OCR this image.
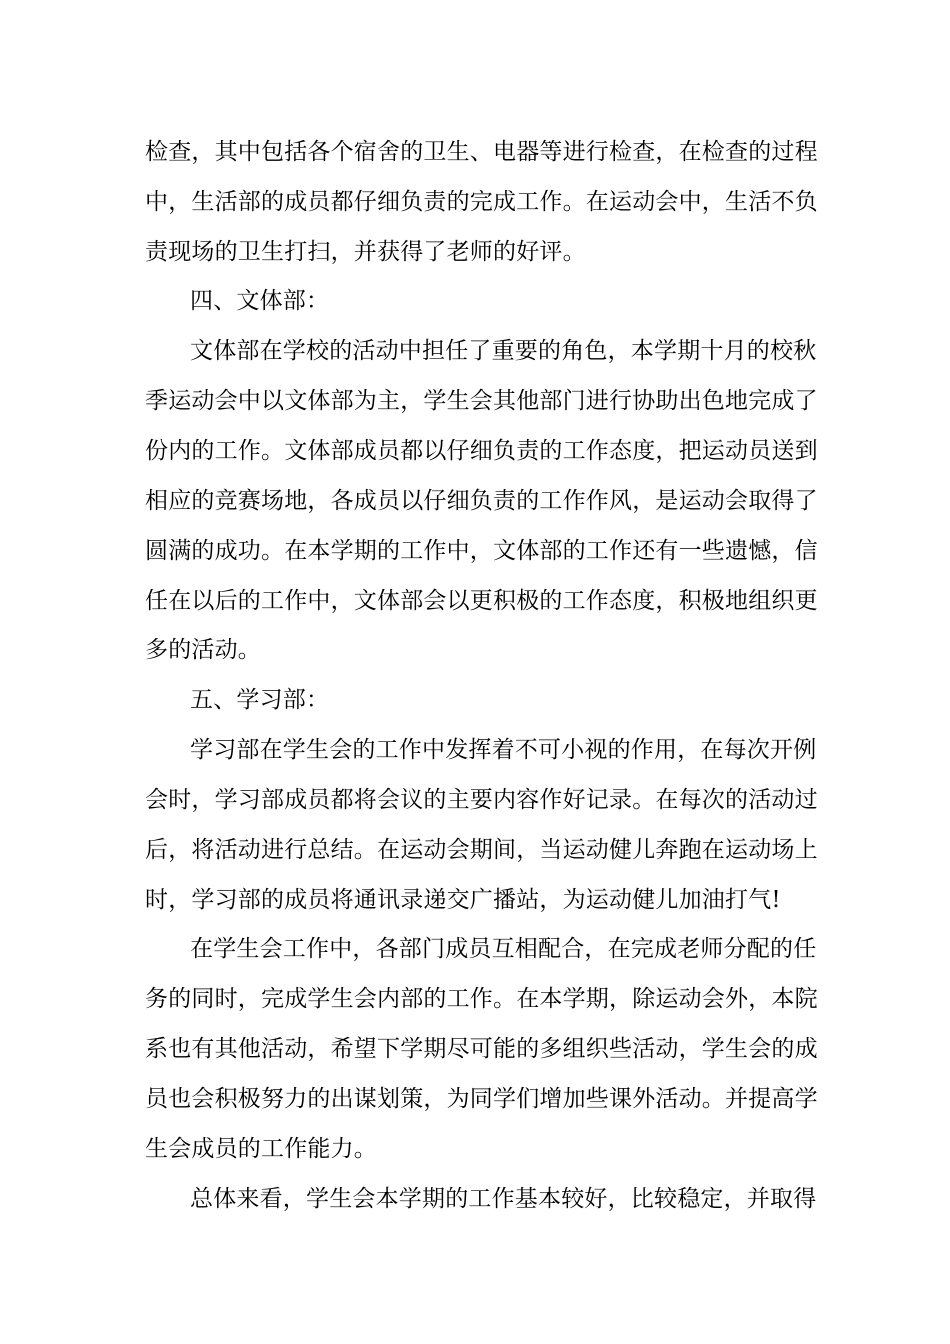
检查，其中包括各个宿舍的卫生、电器等进行检查，在检查的过程
中，生活部的成员都仔细负责的完成工作。在运动会中，生活不负
责现场的卫生打扫，并获得了老师的好评。
四、文体部：
文体部在学校的活动中担任了重要的角色，本学期十月的校秋
季运动会中以文体部为主，学生会其他部门进行协助出色地完成了
份内的工作。文体部成员都以仔细负责的工作态度，把运动员送到
相应的竞赛场地，各成员以仔细负责的工作作风，是运动会取得了
圆满的成功。在本学期的工作中，文体部的工作还有一些遗憾，信
任在以后的工作中，文体部会以更积极的工作态度，积极地组织更
多的活动。
五、学习部：
学习部在学生会的工作中发挥着不可小视的作用，在每次开例
会时，学习部成员都将会议的主要内容作好记录。在每次的活动过
后，将活动进行总结。在运动会期间，当运动健儿奔跑在运动场上
时，学习部的成员将通讯录递交广播站，为运动健儿加油打气!
在学生会工作中，各部门成员互相配合，在完成老师分配的任
务的同时，完成学生会内部的工作。在本学期，除运动会外，本院
系也有其他活动，希望下学期尽可能的多组织些活动，学生会的成
员也会积极努力的出谋划策，为同学们增加些课外活动。并提高学
生会成员的工作能力。
总体来看，学生会本学期的工作基本较好，比较稳定，并取得
